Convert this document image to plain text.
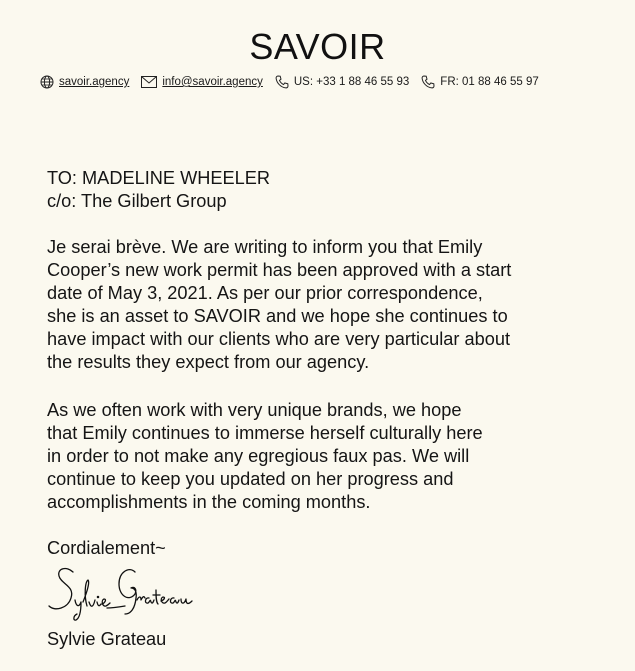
SAVOIR
savoir.agency	info@savoir.agency	US: +33 1 88 46 55 93	FR: 01 88 46 55 97
TO: MADELINE WHEELER
c/o: The Gilbert Group
Je serai brève. We are writing to inform you that Emily
Cooper’s new work permit has been approved with a start
date of May 3, 2021. As per our prior correspondence,
she is an asset to SAVOIR and we hope she continues to
have impact with our clients who are very particular about
the results they expect from our agency.
As we often work with very unique brands, we hope
that Emily continues to immerse herself culturally here
in order to not make any egregious faux pas. We will
continue to keep you updated on her progress and
accomplishments in the coming months.
Cordialement~
Sylvie Grateau
